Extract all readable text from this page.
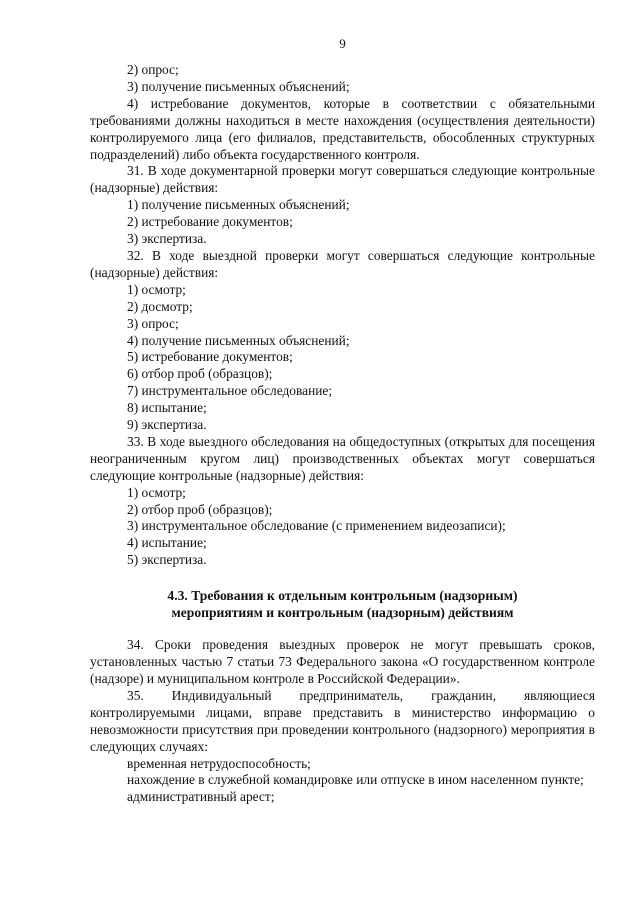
9

2) опрос;

3) получение письменных объяснений;

4) истребование документов, которые в соответствии с обязательными требованиями должны находиться в месте нахождения (осуществления деятельности) контролируемого лица (его филиалов, представительств, обособленных структурных подразделений) либо объекта государственного контроля.

31. В ходе документарной проверки могут совершаться следующие контрольные (надзорные) действия:

1) получение письменных объяснений;

2) истребование документов;

3) экспертиза.

32. В ходе выездной проверки могут совершаться следующие контрольные (надзорные) действия:

1) осмотр;

2) досмотр;

3) опрос;

4) получение письменных объяснений;

5) истребование документов;

6) отбор проб (образцов);

7) инструментальное обследование;

8) испытание;

9) экспертиза.

33. В ходе выездного обследования на общедоступных (открытых для посещения неограниченным кругом лиц) производственных объектах могут совершаться следующие контрольные (надзорные) действия:

1) осмотр;

2) отбор проб (образцов);

3) инструментальное обследование (с применением видеозаписи);

4) испытание;

5) экспертиза.

4.3. Требования к отдельным контрольным (надзорным)
мероприятиям и контрольным (надзорным) действиям

34. Сроки проведения выездных проверок не могут превышать сроков, установленных частью 7 статьи 73 Федерального закона «О государственном контроле (надзоре) и муниципальном контроле в Российской Федерации».

35. Индивидуальный предприниматель, гражданин, являющиеся контролируемыми лицами, вправе представить в министерство информацию о невозможности присутствия при проведении контрольного (надзорного) мероприятия в следующих случаях:

временная нетрудоспособность;

нахождение в служебной командировке или отпуске в ином населенном пункте;

административный арест;
